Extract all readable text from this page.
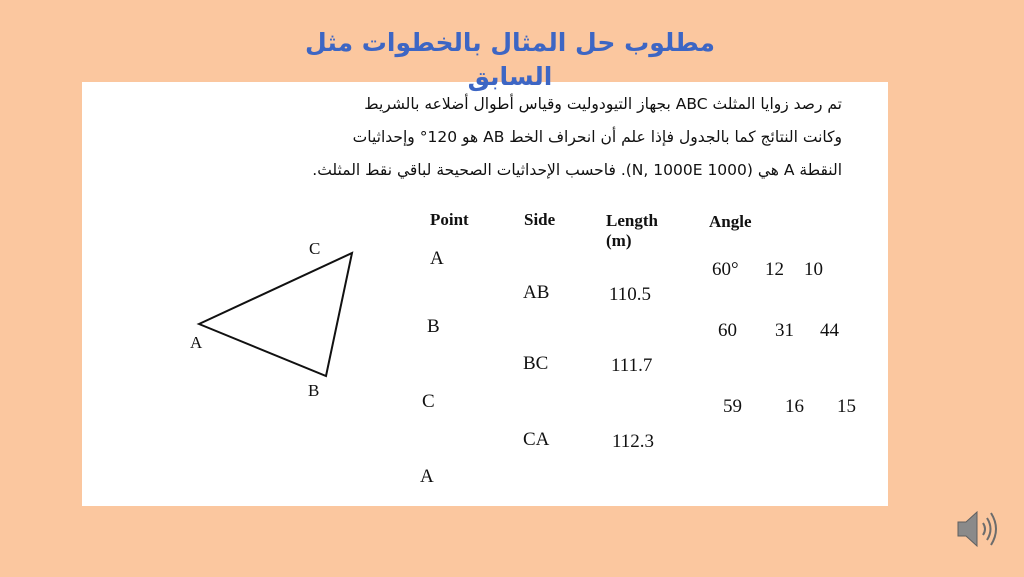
مطلوب حل المثال بالخطوات مثل السابق
تم رصد زوايا المثلث ABC بجهاز التيودوليت وقياس أطوال أضلاعه بالشريط
وكانت النتائج كما بالجدول فإذا علم أن انحراف الخط AB هو 120° وإحداثيات
النقطة A هي (1000 N, 1000E). فاحسب الإحداثيات الصحيحة لباقي نقط المثلث.
A
B
C
Point	Side	Length
(m)
Angle
A
B
C
A
AB
BC
CA
110.5
111.7
112.3
60° 12 10
60 31 44
59 16 15
